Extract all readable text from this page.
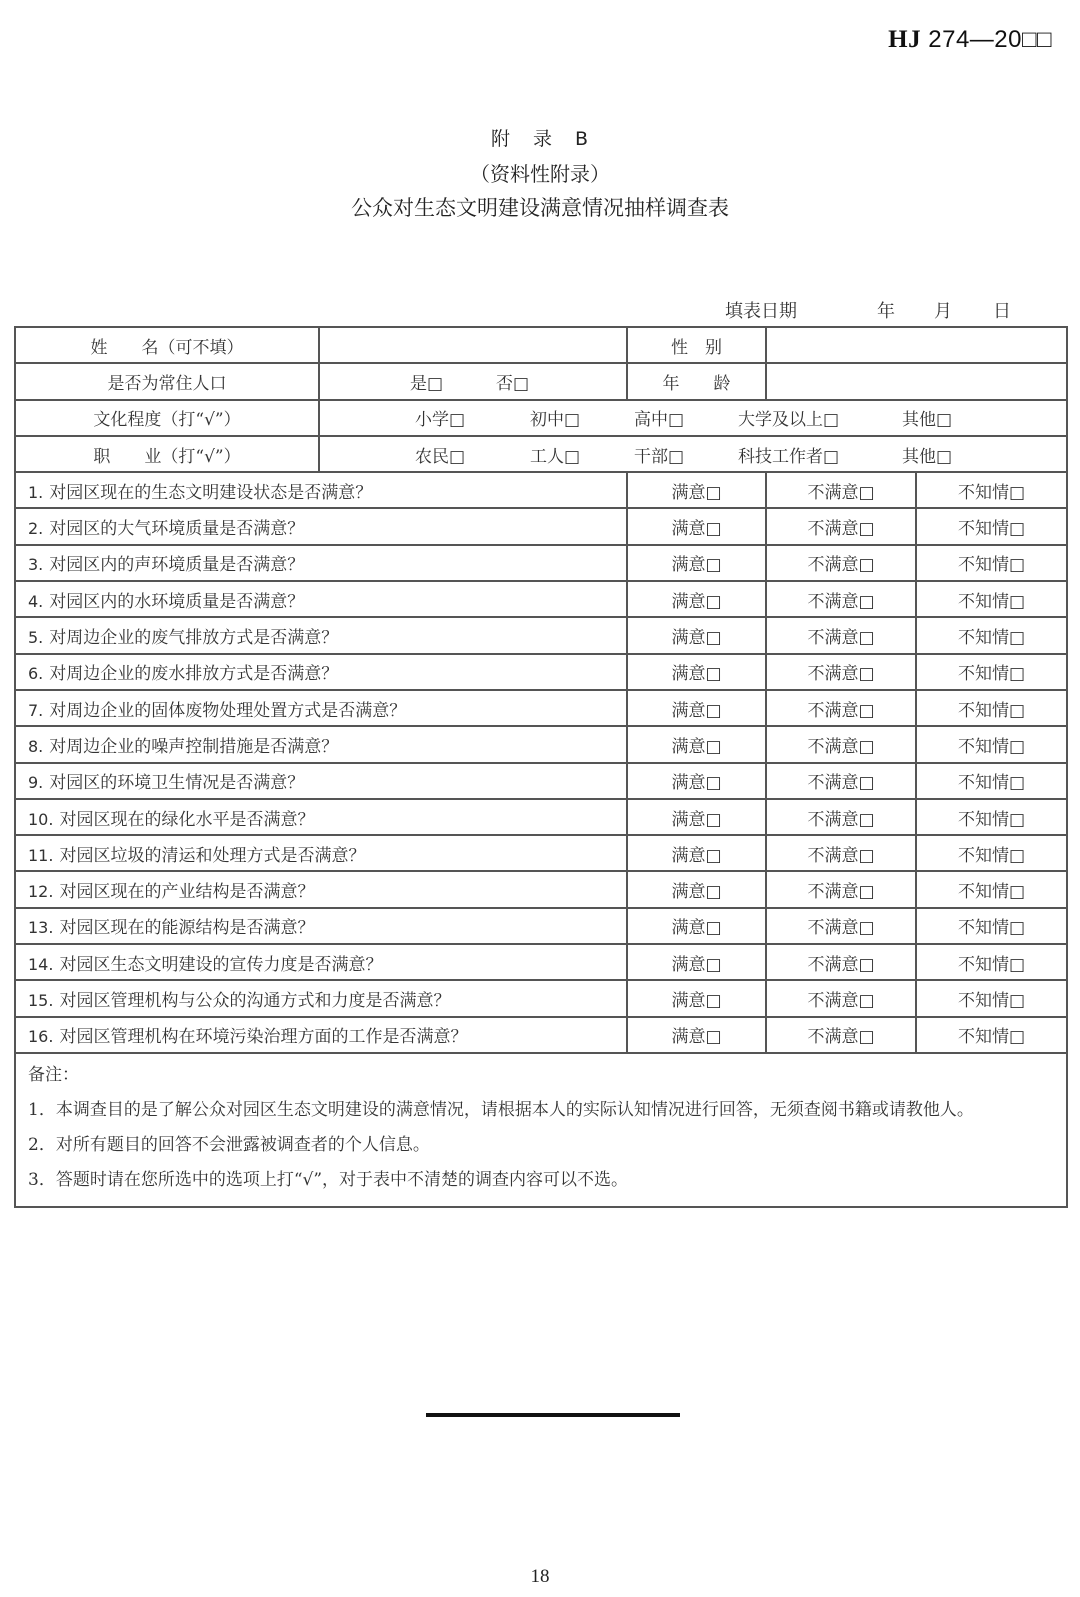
HJ 274—20□□
附 录 B
（资料性附录）
公众对生态文明建设满意情况抽样调查表
填表日期	年 月 日
姓　　名（可不填）		性　别		
是否为常住人口	是 □ 否 □	年　　龄		
文化程度（打“√”）	小学 □ 初中 □ 高中 □ 大学及以上 □ 其他 □

职　　业（打“√”）	农民 □ 工人 □ 干部 □ 科技工作者 □ 其他 □

1. 对园区现在的生态文明建设状态是否满意？		满意 □	不满意 □	不知情 □
2. 对园区的大气环境质量是否满意？		满意 □	不满意 □	不知情 □
3. 对园区内的声环境质量是否满意？		满意 □	不满意 □	不知情 □
4. 对园区内的水环境质量是否满意？		满意 □	不满意 □	不知情 □
5. 对周边企业的废气排放方式是否满意？		满意 □	不满意 □	不知情 □
6. 对周边企业的废水排放方式是否满意？		满意 □	不满意 □	不知情 □
7. 对周边企业的固体废物处理处置方式是否满意？		满意 □	不满意 □	不知情 □
8. 对周边企业的噪声控制措施是否满意？		满意 □	不满意 □	不知情 □
9. 对园区的环境卫生情况是否满意？		满意 □	不满意 □	不知情 □
10. 对园区现在的绿化水平是否满意？		满意 □	不满意 □	不知情 □
11. 对园区垃圾的清运和处理方式是否满意？		满意 □	不满意 □	不知情 □
12. 对园区现在的产业结构是否满意？		满意 □	不满意 □	不知情 □
13. 对园区现在的能源结构是否满意？		满意 □	不满意 □	不知情 □
14. 对园区生态文明建设的宣传力度是否满意？		满意 □	不满意 □	不知情 □
15. 对园区管理机构与公众的沟通方式和力度是否满意？		满意 □	不满意 □	不知情 □
16. 对园区管理机构在环境污染治理方面的工作是否满意？		满意 □	不满意 □	不知情 □

备注：
1．本调查目的是了解公众对园区生态文明建设的满意情况，请根据本人的实际认知情况进行回答，无须查阅书籍或请教他人。
2．对所有题目的回答不会泄露被调查者的个人信息。
3．答题时请在您所选中的选项上打“√”，对于表中不清楚的调查内容可以不选。				
18
